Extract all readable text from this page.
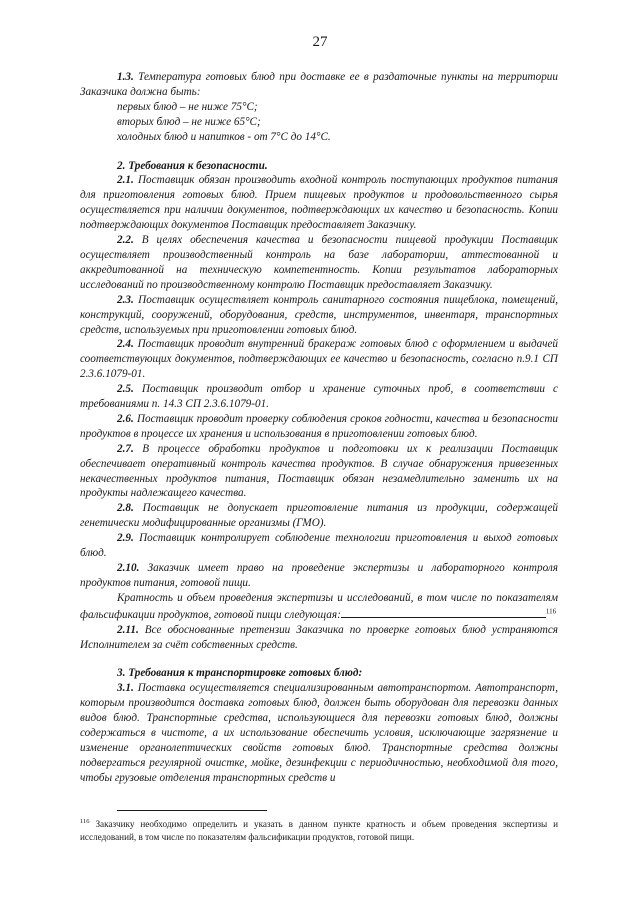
27

1.3. Температура готовых блюд при доставке ее в раздаточные пункты на территории Заказчика должна быть:

первых блюд – не ниже 75°С;

вторых блюд – не ниже 65°С;

холодных блюд и напитков - от 7°С до 14°С.

2. Требования к безопасности.

2.1. Поставщик обязан производить входной контроль поступающих продуктов питания для приготовления готовых блюд. Прием пищевых продуктов и продовольственного сырья осуществляется при наличии документов, подтверждающих их качество и безопасность. Копии подтверждающих документов Поставщик предоставляет Заказчику.

2.2. В целях обеспечения качества и безопасности пищевой продукции Поставщик осуществляет производственный контроль на базе лаборатории, аттестованной и аккредитованной на техническую компетентность. Копии результатов лабораторных исследований по производственному контролю Поставщик предоставляет Заказчику.

2.3. Поставщик осуществляет контроль санитарного состояния пищеблока, помещений, конструкций, сооружений, оборудования, средств, инструментов, инвентаря, транспортных средств, используемых при приготовлении готовых блюд.

2.4. Поставщик проводит внутренний бракераж готовых блюд с оформлением и выдачей соответствующих документов, подтверждающих ее качество и безопасность, согласно п.9.1 СП 2.3.6.1079-01.

2.5. Поставщик производит отбор и хранение суточных проб, в соответствии с требованиями п. 14.3 СП 2.3.6.1079-01.

2.6. Поставщик проводит проверку соблюдения сроков годности, качества и безопасности продуктов в процессе их хранения и использования в приготовлении готовых блюд.

2.7. В процессе обработки продуктов и подготовки их к реализации Поставщик обеспечивает оперативный контроль качества продуктов. В случае обнаружения привезенных некачественных продуктов питания, Поставщик обязан незамедлительно заменить их на продукты надлежащего качества.

2.8. Поставщик не допускает приготовление питания из продукции, содержащей генетически модифицированные организмы (ГМО).

2.9. Поставщик контролирует соблюдение технологии приготовления и выход готовых блюд.

2.10. Заказчик имеет право на проведение экспертизы и лабораторного контроля продуктов питания, готовой пищи.

Кратность и объем проведения экспертизы и исследований, в том числе по показателям фальсификации продуктов, готовой пищи следующая:	$^{116}$

2.11. Все обоснованные претензии Заказчика по проверке готовых блюд устраняются Исполнителем за счёт собственных средств.

3. Требования к транспортировке готовых блюд:

3.1. Поставка осуществляется специализированным автотранспортом. Автотранспорт, которым производится доставка готовых блюд, должен быть оборудован для перевозки данных видов блюд. Транспортные средства, использующиеся для перевозки готовых блюд, должны содержаться в чистоте, а их использование обеспечить условия, исключающие загрязнение и изменение органолептических свойств готовых блюд. Транспортные средства должны подвергаться регулярной очистке, мойке, дезинфекции с периодичностью, необходимой для того, чтобы грузовые отделения транспортных средств и

$^{116}$ Заказчику необходимо определить и указать в данном пункте кратность и объем проведения экспертизы и исследований, в том числе по показателям фальсификации продуктов, готовой пищи.
